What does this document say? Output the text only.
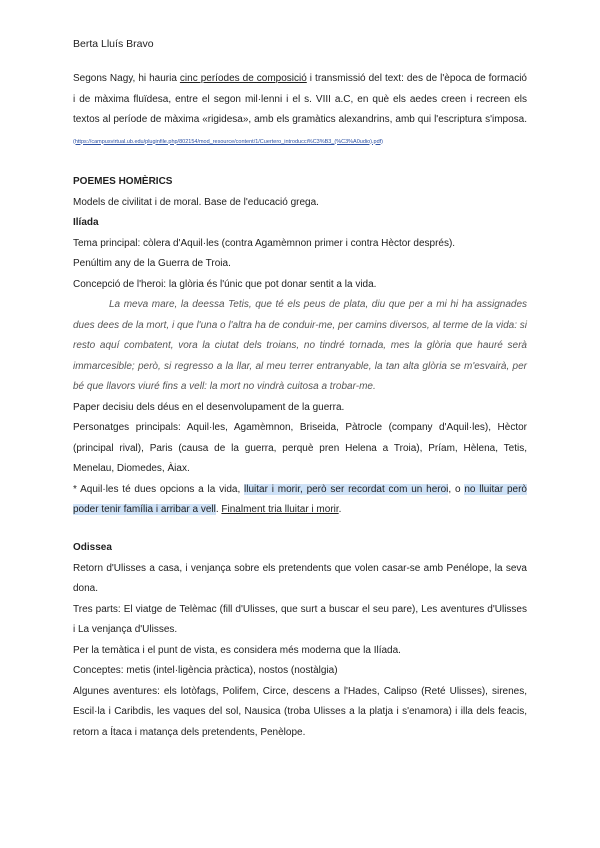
Berta Lluís Bravo

Segons Nagy, hi hauria cinc períodes de composició i transmissió del text: des de l'època de formació i de màxima fluïdesa, entre el segon mil·lenni i el s. VIII a.C, en què els aedes creen i recreen els textos al període de màxima «rigidesa», amb els gramàtics alexandrins, amb qui l'escriptura s'imposa. (https://campusvirtual.ub.edu/pluginfile.php/802154/mod_resource/content/1/Cuertero_introducci%C3%B3_(%C3%A0udio).pdf)

POEMES HOMÈRICS

Models de civilitat i de moral. Base de l'educació grega.

Ilíada

Tema principal: còlera d'Aquil·les (contra Agamèmnon primer i contra Hèctor després).

Penúltim any de la Guerra de Troia.

Concepció de l'heroi: la glòria és l'únic que pot donar sentit a la vida.

La meva mare, la deessa Tetis, que té els peus de plata, diu que per a mi hi ha assignades dues dees de la mort, i que l'una o l'altra ha de conduir-me, per camins diversos, al terme de la vida: si resto aquí combatent, vora la ciutat dels troians, no tindré tornada, mes la glòria que hauré serà immarcesible; però, si regresso a la llar, al meu terrer entranyable, la tan alta glòria se m'esvairà, per bé que llavors viuré fins a vell: la mort no vindrà cuitosa a trobar-me.

Paper decisiu dels déus en el desenvolupament de la guerra.

Personatges principals: Aquil·les, Agamèmnon, Briseida, Pàtrocle (company d'Aquil·les), Hèctor (principal rival), Paris (causa de la guerra, perquè pren Helena a Troia), Príam, Hèlena, Tetis, Menelau, Diomedes, Àiax.

* Aquil·les té dues opcions a la vida, lluitar i morir, però ser recordat com un heroi, o no lluitar però poder tenir família i arribar a vell. Finalment tria lluitar i morir.

Odissea

Retorn d'Ulisses a casa, i venjança sobre els pretendents que volen casar-se amb Penélope, la seva dona.

Tres parts: El viatge de Telèmac (fill d'Ulisses, que surt a buscar el seu pare), Les aventures d'Ulisses i La venjança d'Ulisses.

Per la temàtica i el punt de vista, es considera més moderna que la Ilíada.

Conceptes: metis (intel·ligència pràctica), nostos (nostàlgia)

Algunes aventures: els lotòfags, Polifem, Circe, descens a l'Hades, Calipso (Reté Ulisses), sirenes, Escil·la i Caribdis, les vaques del sol, Nausica (troba Ulisses a la platja i s'enamora) i illa dels feacis, retorn a Ítaca i matança dels pretendents, Penèlope.
